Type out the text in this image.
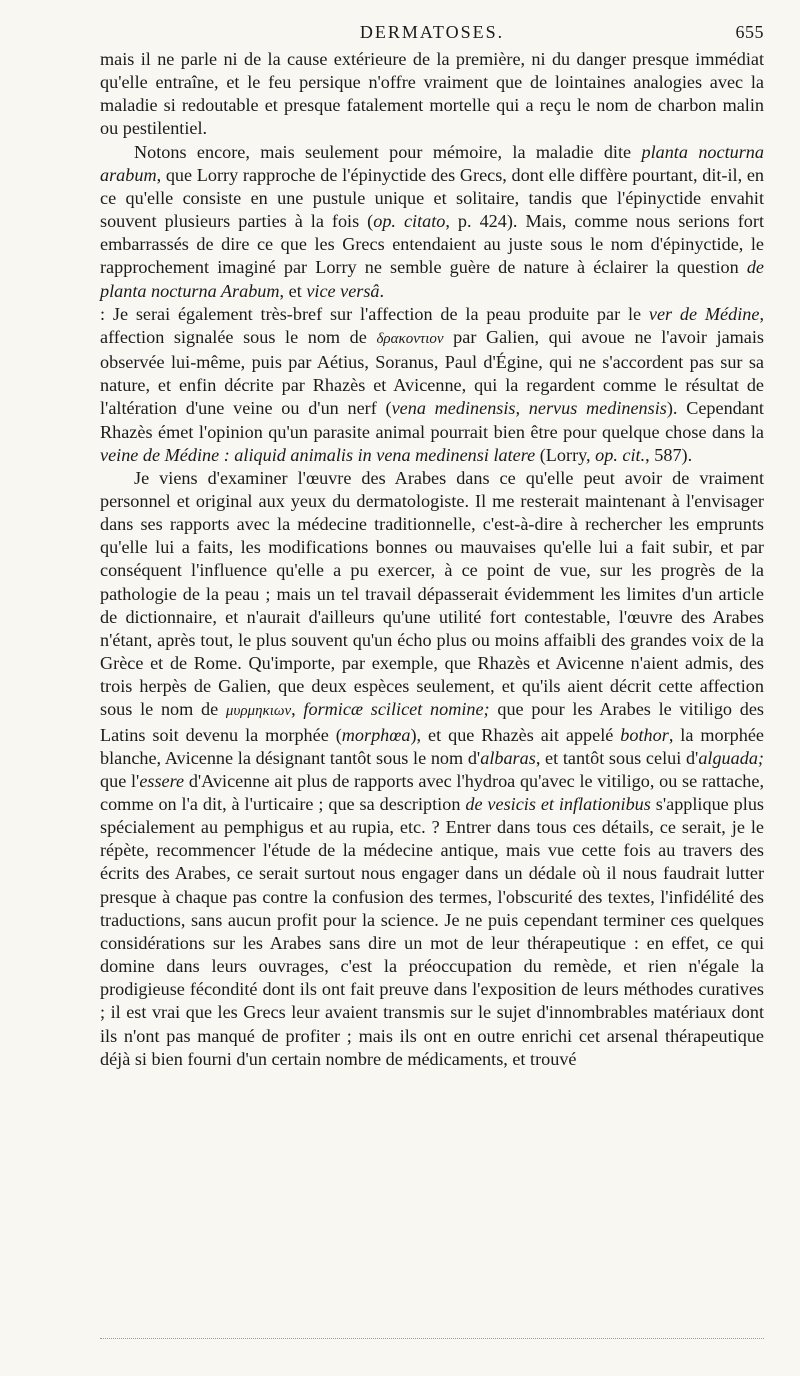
DERMATOSES.	655

mais il ne parle ni de la cause extérieure de la première, ni du danger presque immédiat qu'elle entraîne, et le feu persique n'offre vraiment que de lointaines analogies avec la maladie si redoutable et presque fatalement mortelle qui a reçu le nom de charbon malin ou pestilentiel.

Notons encore, mais seulement pour mémoire, la maladie dite planta nocturna arabum, que Lorry rapproche de l'épinyctide des Grecs, dont elle diffère pourtant, dit-il, en ce qu'elle consiste en une pustule unique et solitaire, tandis que l'épinyctide envahit souvent plusieurs parties à la fois (op. citato, p. 424). Mais, comme nous serions fort embarrassés de dire ce que les Grecs entendaient au juste sous le nom d'épinyctide, le rapprochement imaginé par Lorry ne semble guère de nature à éclairer la question de planta nocturna Arabum, et vice versâ.

: Je serai également très-bref sur l'affection de la peau produite par le ver de Médine, affection signalée sous le nom de δρακοντιον par Galien, qui avoue ne l'avoir jamais observée lui-même, puis par Aétius, Soranus, Paul d'Égine, qui ne s'accordent pas sur sa nature, et enfin décrite par Rhazès et Avicenne, qui la regardent comme le résultat de l'altération d'une veine ou d'un nerf (vena medinensis, nervus medinensis). Cependant Rhazès émet l'opinion qu'un parasite animal pourrait bien être pour quelque chose dans la veine de Médine : aliquid animalis in vena medinensi latere (Lorry, op. cit., 587).

Je viens d'examiner l'œuvre des Arabes dans ce qu'elle peut avoir de vraiment personnel et original aux yeux du dermatologiste. Il me resterait maintenant à l'envisager dans ses rapports avec la médecine traditionnelle, c'est-à-dire à rechercher les emprunts qu'elle lui a faits, les modifications bonnes ou mauvaises qu'elle lui a fait subir, et par conséquent l'influence qu'elle a pu exercer, à ce point de vue, sur les progrès de la pathologie de la peau ; mais un tel travail dépasserait évidemment les limites d'un article de dictionnaire, et n'aurait d'ailleurs qu'une utilité fort contestable, l'œuvre des Arabes n'étant, après tout, le plus souvent qu'un écho plus ou moins affaibli des grandes voix de la Grèce et de Rome. Qu'importe, par exemple, que Rhazès et Avicenne n'aient admis, des trois herpès de Galien, que deux espèces seulement, et qu'ils aient décrit cette affection sous le nom de μυρμηκιων, formicæ scilicet nomine; que pour les Arabes le vitiligo des Latins soit devenu la morphée (morphœa), et que Rhazès ait appelé bothor, la morphée blanche, Avicenne la désignant tantôt sous le nom d'albaras, et tantôt sous celui d'alguada; que l'essere d'Avicenne ait plus de rapports avec l'hydroa qu'avec le vitiligo, ou se rattache, comme on l'a dit, à l'urticaire ; que sa description de vesicis et inflationibus s'applique plus spécialement au pemphigus et au rupia, etc. ? Entrer dans tous ces détails, ce serait, je le répète, recommencer l'étude de la médecine antique, mais vue cette fois au travers des écrits des Arabes, ce serait surtout nous engager dans un dédale où il nous faudrait lutter presque à chaque pas contre la confusion des termes, l'obscurité des textes, l'infidélité des traductions, sans aucun profit pour la science. Je ne puis cependant terminer ces quelques considérations sur les Arabes sans dire un mot de leur thérapeutique : en effet, ce qui domine dans leurs ouvrages, c'est la préoccupation du remède, et rien n'égale la prodigieuse fécondité dont ils ont fait preuve dans l'exposition de leurs méthodes curatives ; il est vrai que les Grecs leur avaient transmis sur le sujet d'innombrables matériaux dont ils n'ont pas manqué de profiter ; mais ils ont en outre enrichi cet arsenal thérapeutique déjà si bien fourni d'un certain nombre de médicaments, et trouvé
